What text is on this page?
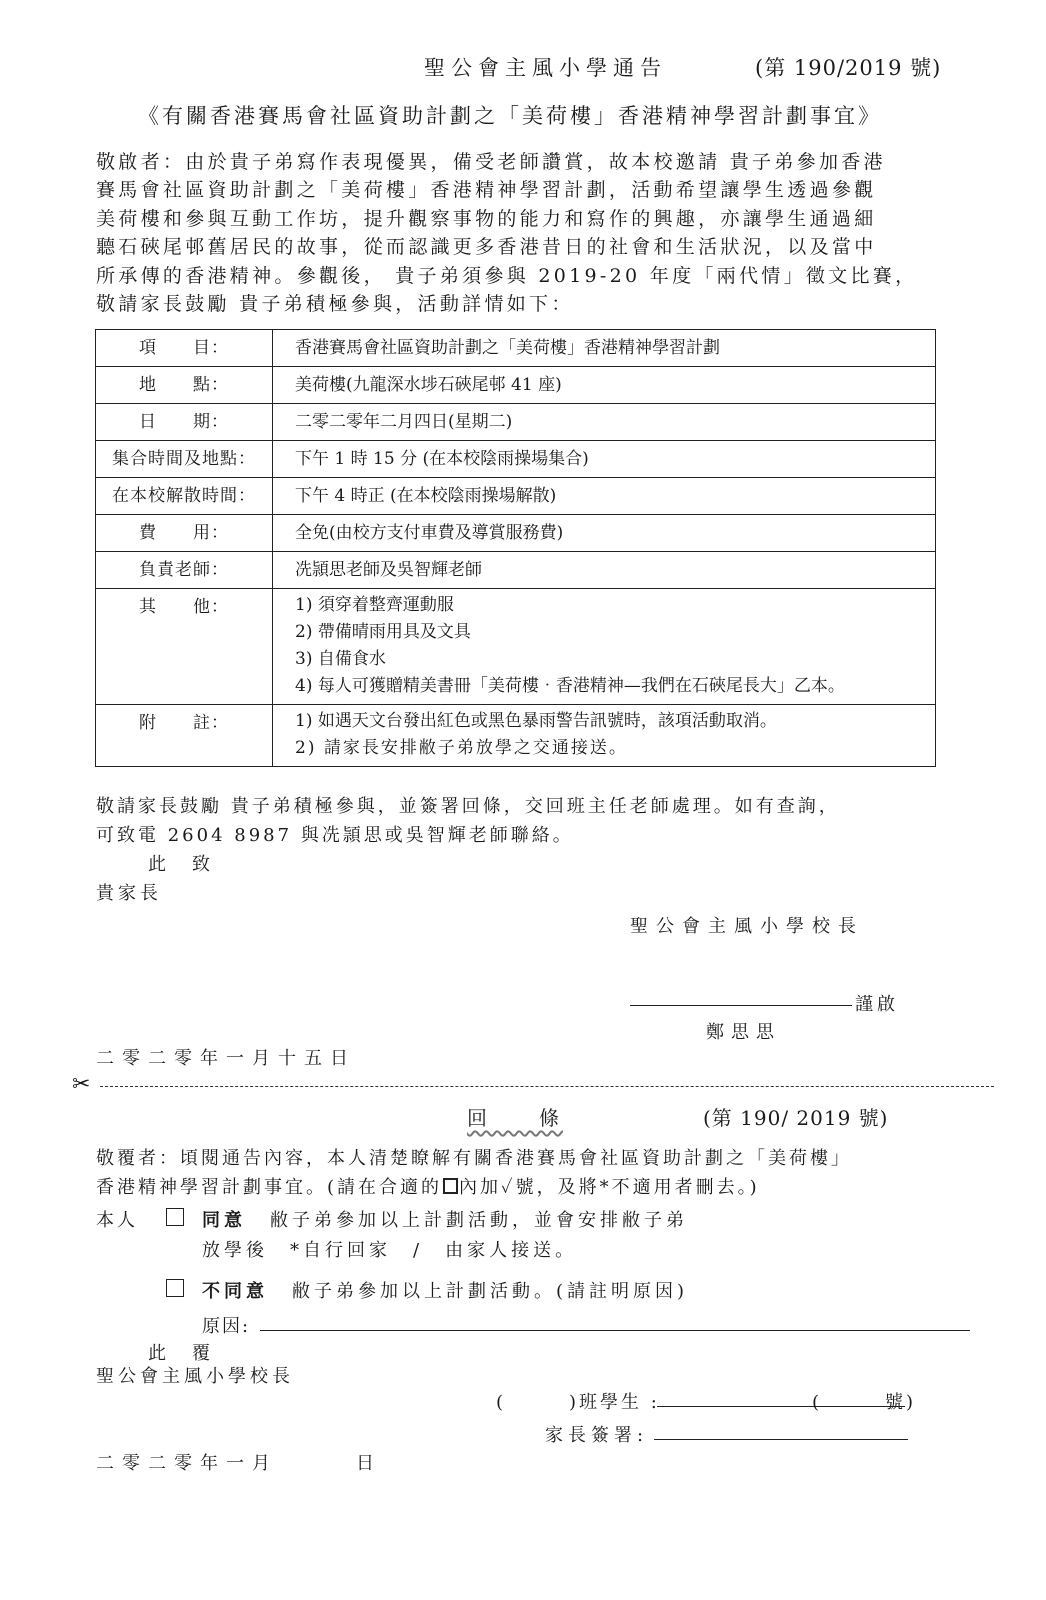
聖公會主風小學通告	(第 190/2019 號)
《有關香港賽馬會社區資助計劃之「美荷樓」香港精神學習計劃事宜》
敬啟者：由於貴子弟寫作表現優異，備受老師讚賞，故本校邀請 貴子弟參加香港
賽馬會社區資助計劃之「美荷樓」香港精神學習計劃，活動希望讓學生透過參觀
美荷樓和參與互動工作坊，提升觀察事物的能力和寫作的興趣，亦讓學生通過細
聽石硤尾邨舊居民的故事，從而認識更多香港昔日的社會和生活狀況，以及當中
所承傳的香港精神。參觀後， 貴子弟須參與 2019-20 年度「兩代情」徵文比賽，
敬請家長鼓勵 貴子弟積極參與，活動詳情如下：
項　　目：	香港賽馬會社區資助計劃之「美荷樓」香港精神學習計劃
地　　點：	美荷樓(九龍深水埗石硤尾邨 41 座)
日　　期：	二零二零年二月四日(星期二)
集合時間及地點：	下午 1 時 15 分 (在本校陰雨操場集合)
在本校解散時間：	下午 4 時正 (在本校陰雨操場解散)
費　　用：	全免(由校方支付車費及導賞服務費)
負責老師：	冼頴思老師及吳智輝老師
其　　他：	1) 須穿着整齊運動服
2) 帶備晴雨用具及文具
3) 自備食水
4) 每人可獲贈精美書冊「美荷樓‧香港精神—我們在石硤尾長大」乙本。

附　　註：	1) 如遇天文台發出紅色或黑色暴雨警告訊號時，該項活動取消。
2) 請家長安排敝子弟放學之交通接送。
敬請家長鼓勵 貴子弟積極參與，並簽署回條，交回班主任老師處理。如有查詢，
可致電 2604 8987 與冼頴思或吳智輝老師聯絡。
此　致
貴家長
聖公會主風小學校長
謹啟
鄭思思
二零二零年一月十五日
✂
回　　條	(第 190/ 2019 號)
敬覆者：頃閱通告內容，本人清楚瞭解有關香港賽馬會社區資助計劃之「美荷樓」
香港精神學習計劃事宜。(請在合適的 內加✓號，及將*不適用者刪去。)
本人	同意 敝子弟參加以上計劃活動，並會安排敝子弟
放學後　*自行回家　/　由家人接送。
不同意 敝子弟參加以上計劃活動。(請註明原因)
原因:
此　覆
聖公會主風小學校長
(　　　)班學生 :	(　　　號)
家長簽署:
二零二零年一月　　　日
